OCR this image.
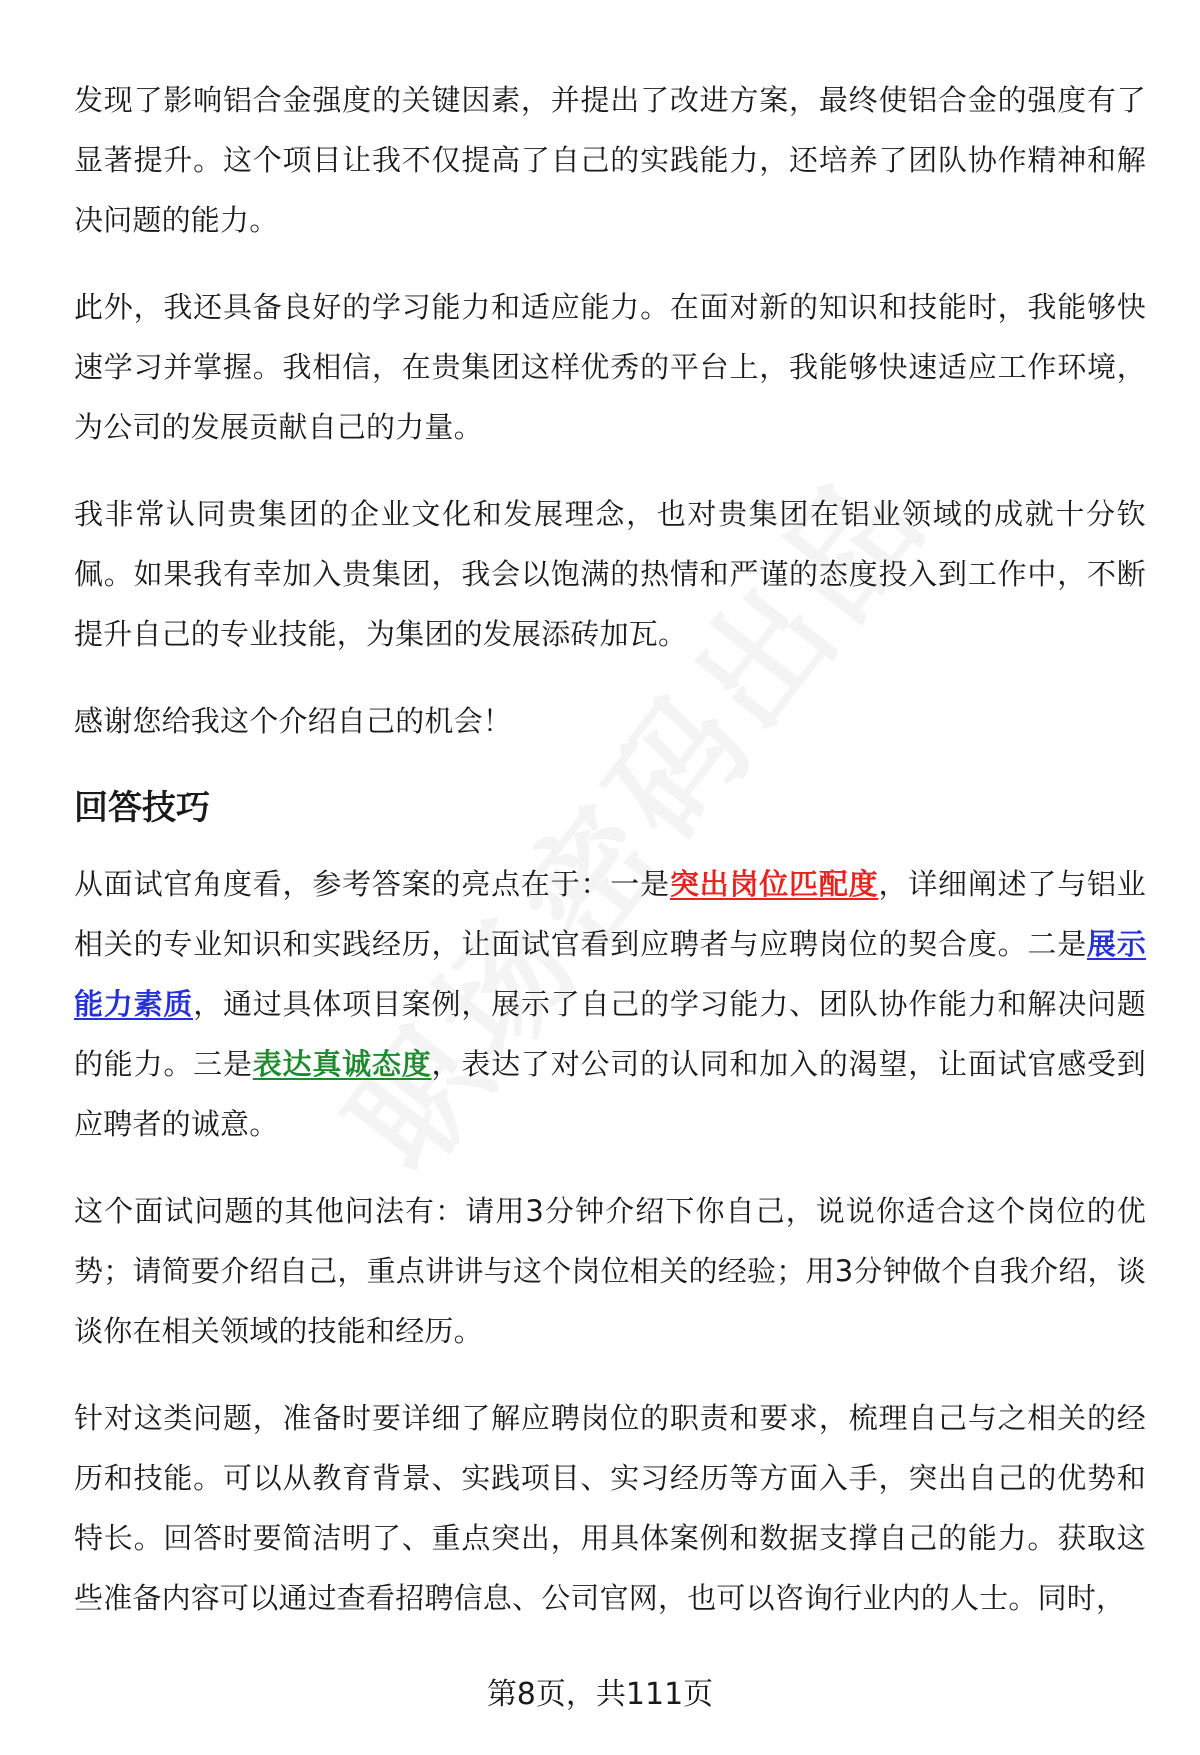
发现了影响铝合金强度的关键因素，并提出了改进方案，最终使铝合金的强度有了显著提升。这个项目让我不仅提高了自己的实践能力，还培养了团队协作精神和解决问题的能力。

此外，我还具备良好的学习能力和适应能力。在面对新的知识和技能时，我能够快速学习并掌握。我相信，在贵集团这样优秀的平台上，我能够快速适应工作环境，为公司的发展贡献自己的力量。

我非常认同贵集团的企业文化和发展理念，也对贵集团在铝业领域的成就十分钦佩。如果我有幸加入贵集团，我会以饱满的热情和严谨的态度投入到工作中，不断提升自己的专业技能，为集团的发展添砖加瓦。

感谢您给我这个介绍自己的机会！

回答技巧

从面试官角度看，参考答案的亮点在于：一是突出岗位匹配度，详细阐述了与铝业相关的专业知识和实践经历，让面试官看到应聘者与应聘岗位的契合度。二是展示能力素质，通过具体项目案例，展示了自己的学习能力、团队协作能力和解决问题的能力。三是表达真诚态度，表达了对公司的认同和加入的渴望，让面试官感受到应聘者的诚意。

这个面试问题的其他问法有：请用3分钟介绍下你自己，说说你适合这个岗位的优势；请简要介绍自己，重点讲讲与这个岗位相关的经验；用3分钟做个自我介绍，谈谈你在相关领域的技能和经历。

针对这类问题，准备时要详细了解应聘岗位的职责和要求，梳理自己与之相关的经历和技能。可以从教育背景、实践项目、实习经历等方面入手，突出自己的优势和特长。回答时要简洁明了、重点突出，用具体案例和数据支撑自己的能力。获取这些准备内容可以通过查看招聘信息、公司官网，也可以咨询行业内的人士。同时，

第8页，共111页
